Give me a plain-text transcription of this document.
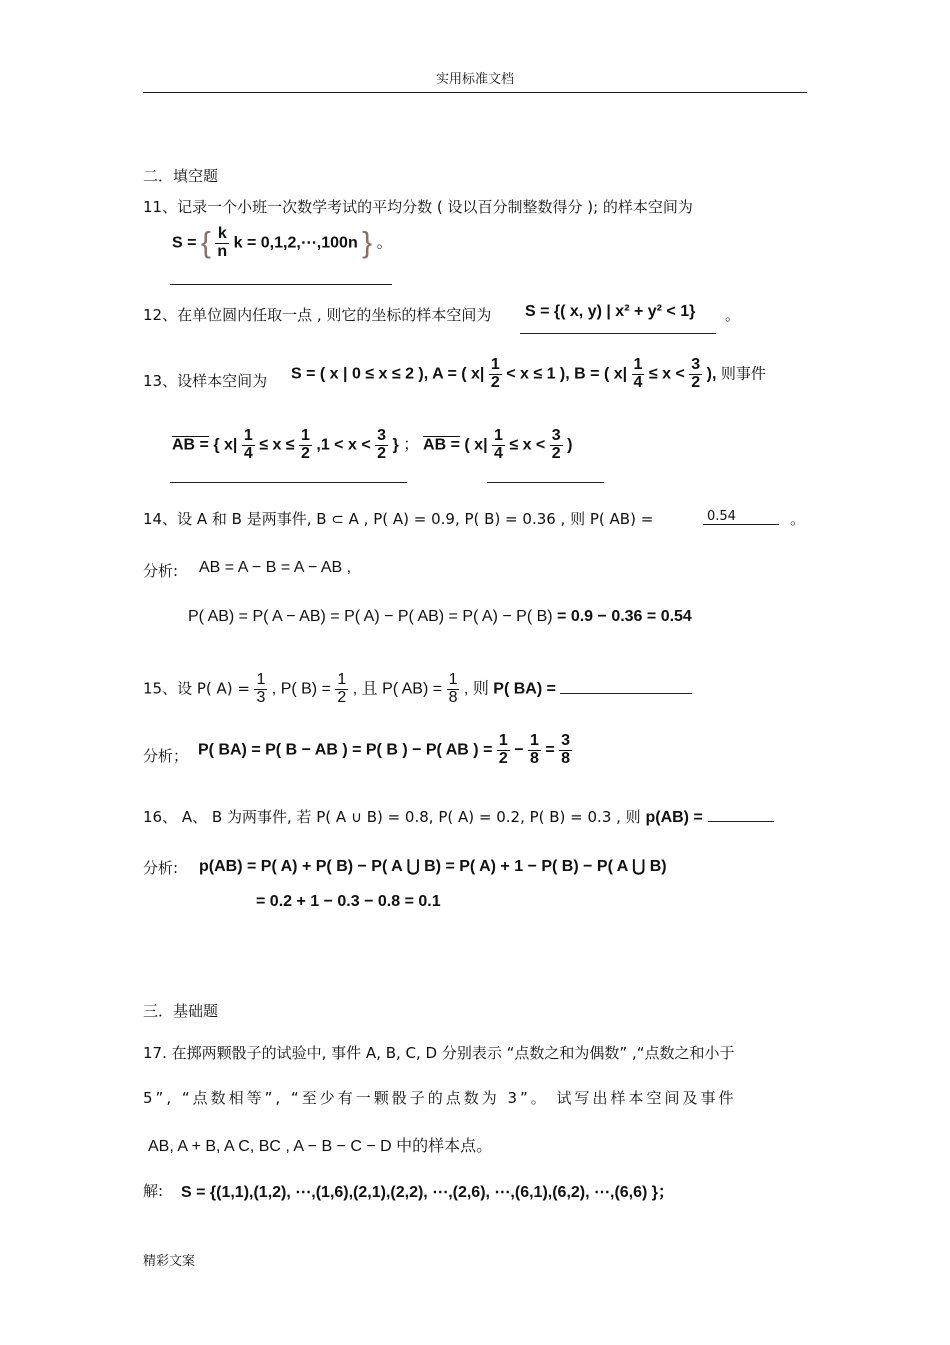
实用标准文档
二．填空题
11、记录一个小班一次数学考试的平均分数 ( 设以百分制整数得分 ); 的样本空间为
S = { $\frac{k}{n}$ k = 0,1,2,⋯,100n } 。
12、在单位圆内任取一点 , 则它的坐标的样本空间为 S = {( x, y) | x² + y² < 1} 。
13、设样本空间为 S = ( x | 0 ≤ x ≤ 2 ), A = ( $x| \frac{1}{2} < x \le 1$ ), B = ( $x| \frac{1}{4} \le x < \frac{3}{2}$ ), 则事件
AB = { $x| \frac{1}{4} \le x \le \frac{1}{2} ,1 < x < \frac{3}{2}$ } ； AB = ( $x| \frac{1}{4} \le x < \frac{3}{2}$ )
14、设 A 和 B 是两事件, B ⊂ A , P( A) = 0.9, P( B) = 0.36 , 则 P( AB) =	0.54	。
分析: AB = A − B = A − AB ,
P( AB) = P( A − AB) = P( A) − P( AB) = P( A) − P( B) = 0.9 − 0.36 = 0.54
15、设 P( $A) = \frac{1}{3}$ , P( $B) = \frac{1}{2}$ , 且 P( $AB) = \frac{1}{8}$ , 则 P( BA) =
分析； P( BA) = P( B − AB ) = P( B ) − P( AB ) = $\frac{1}{2} - \frac{1}{8} = \frac{3}{8}$
16、 A、 B 为两事件, 若 P( A ∪ B) = 0.8, P( A) = 0.2, P( B) = 0.3 , 则 p(AB) =
分析: p(AB) = P( A) + P( B) − P( A ⋃ B) = P( A) + 1 − P( B) − P( A ⋃ B)
= 0.2 + 1 − 0.3 − 0.8 = 0.1
三．基础题
17. 在掷两颗骰子的试验中, 事件 A, B, C, D 分别表示 “点数之和为偶数” ,“点数之和小于
5”, “点数相等”, “至少有一颗骰子的点数为 3”。 试写出样本空间及事件
AB, A + B, A C, BC , A − B − C − D 中的样本点。
解: S = {(1,1),(1,2), ⋯,(1,6),(2,1),(2,2), ⋯,(2,6), ⋯,(6,1),(6,2), ⋯,(6,6) }；
精彩文案
